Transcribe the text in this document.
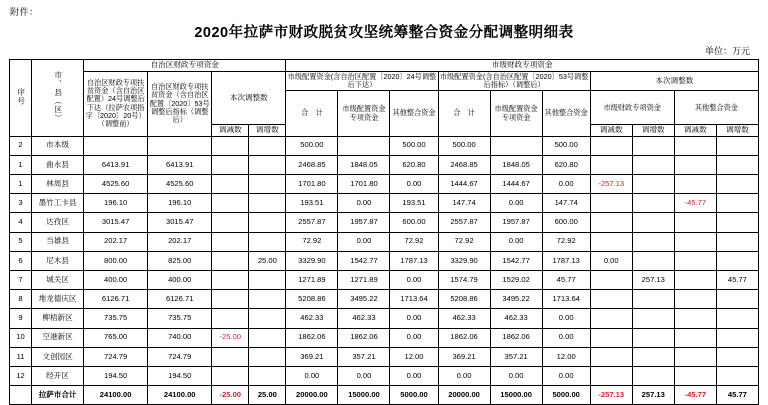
附件：
2020年拉萨市财政脱贫攻坚统筹整合资金分配调整明细表
单位：万元
序号	市、县（区）	自治区财政专项资金				市级财政专项资金									
		自治区财政专项扶贫资金（含自治区配置）24号调整后下达（拉萨农项指字〔2020〕20号）（调整前）	自治区财政专项扶贫资金（含自治区配置〔2020〕53号调整后指标（调整后）	本次调整数		市级配置资金(含自治区配置〔2020〕24号调整后下达）			市级配置资金(含自治区配置〔2020〕53号调整后指标）（调整后）			本次调整数			
						合　计	市级配置资金专项资金	其他整合资金	合　计	市级配置资金专项资金	其他整合资金	市级财政专项资金		其他整合资金	
				调减数	调增数							调减数	调增数	调减数	调增数
2	市本级					500.00		500.00	500.00		500.00				
1	曲水县	6413.91	6413.91			2468.85	1848.05	620.80	2468.85	1848.05	620.80				
1	林周县	4525.60	4525.60			1701.80	1701.80	0.00	1444.67	1444.67	0.00	-257.13			
3	墨竹工卡县	196.10	196.10			193.51	0.00	193.51	147.74	0.00	147.74			-45.77	
4	达孜区	3015.47	3015.47			2557.87	1957.87	600.00	2557.87	1957.87	600.00				
5	当雄县	202.17	202.17			72.92	0.00	72.92	72.92	0.00	72.92				
6	尼木县	800.00	825.00		25.00	3329.90	1542.77	1787.13	3329.90	1542.77	1787.13	0.00			
7	城关区	400.00	400.00			1271.89	1271.89	0.00	1574.79	1529.02	45.77		257.13		45.77
8	堆龙德庆区	6126.71	6126.71			5208.86	3495.22	1713.64	5208.86	3495.22	1713.64				
9	柳梧新区	735.75	735.75			462.33	462.33	0.00	462.33	462.33	0.00				
10	空港新区	765.00	740.00	-25.00		1862.06	1862.06	0.00	1862.06	1862.06	0.00				
11	文创园区	724.79	724.79			369.21	357.21	12.00	369.21	357.21	12.00				
12	经开区	194.50	194.50			0.00	0.00	0.00	0.00	0.00	0.00				
	拉萨市合计	24100.00	24100.00	-25.00	25.00	20000.00	15000.00	5000.00	20000.00	15000.00	5000.00	-257.13	257.13	-45.77	45.77
